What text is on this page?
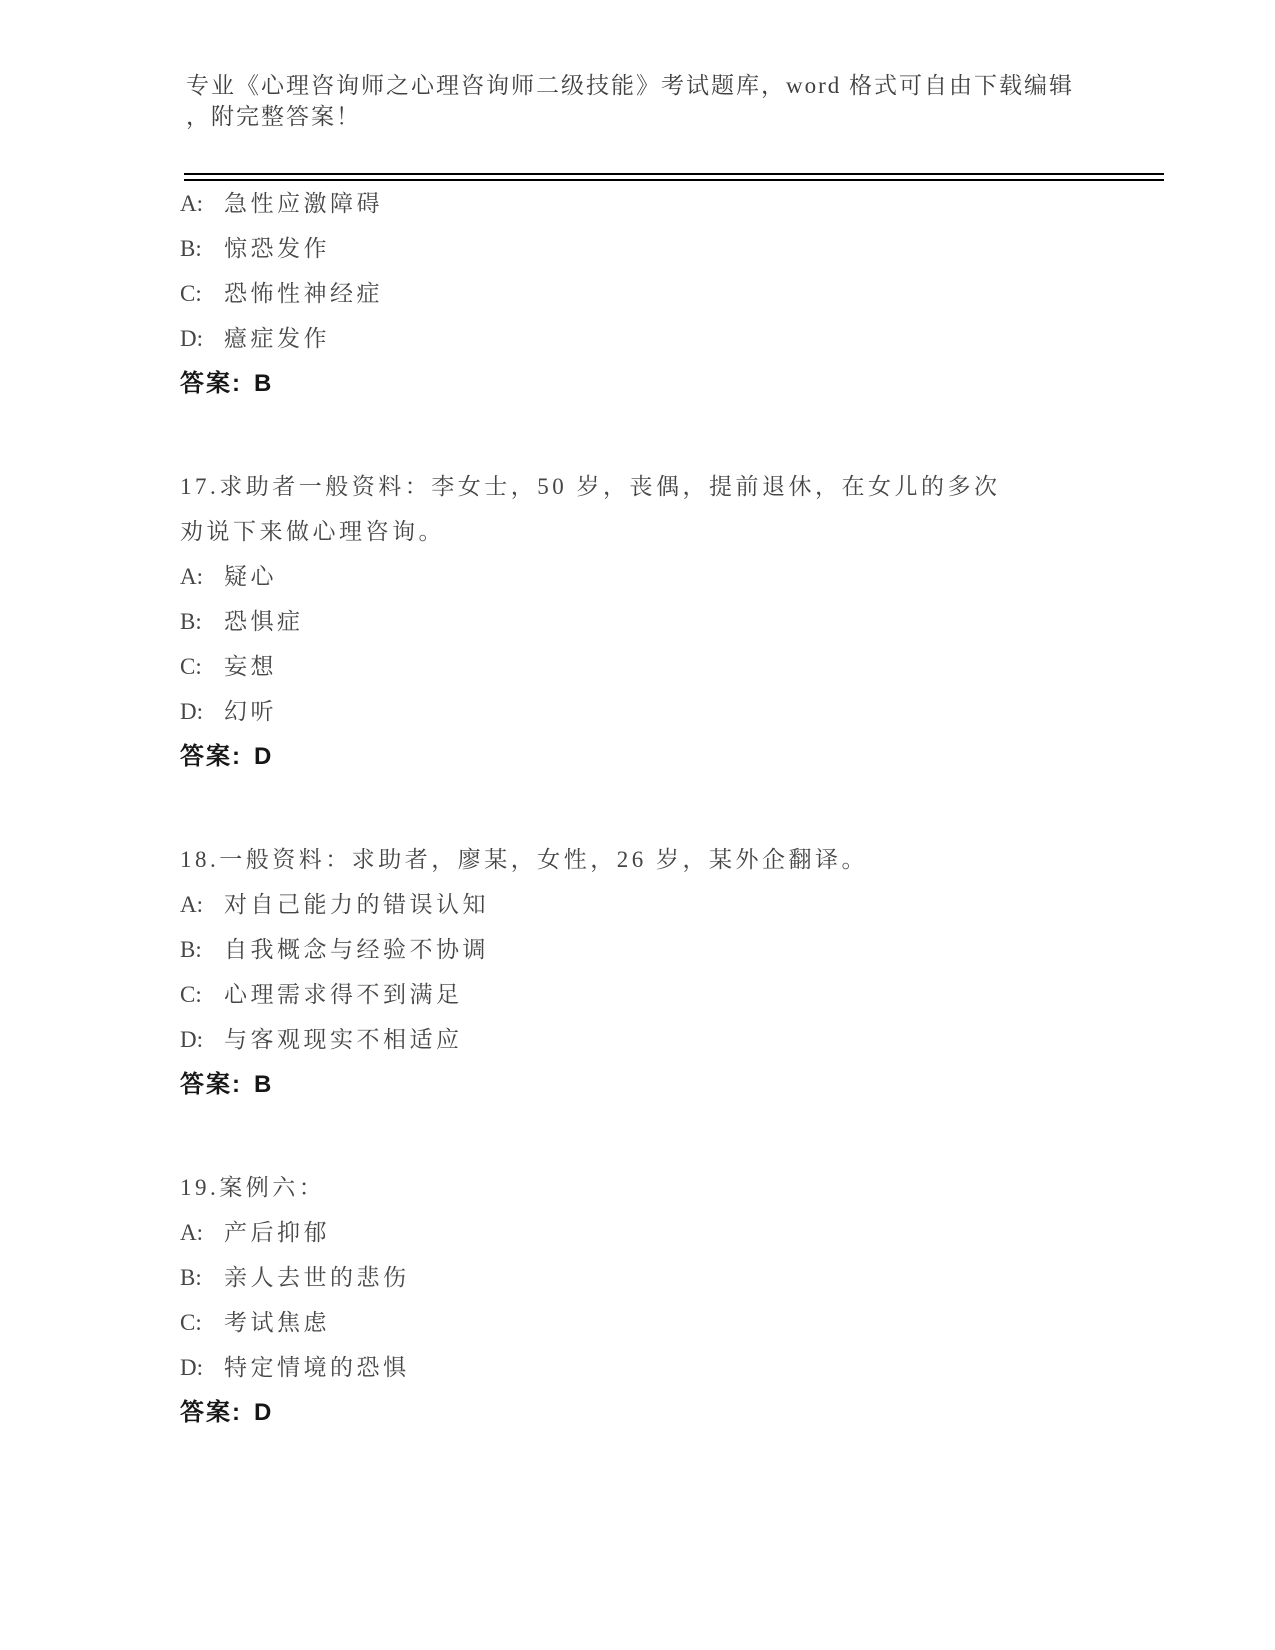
专业《心理咨询师之心理咨询师二级技能》考试题库，word 格式可自由下载编辑
，附完整答案！

A: 急性应激障碍

B: 惊恐发作

C: 恐怖性神经症

D: 癔症发作

答案: B

17.求助者一般资料：李女士，50 岁，丧偶，提前退休，在女儿的多次

劝说下来做心理咨询。

A: 疑心

B: 恐惧症

C: 妄想

D: 幻听

答案: D

18.一般资料：求助者，廖某，女性，26 岁，某外企翻译。

A: 对自己能力的错误认知

B: 自我概念与经验不协调

C: 心理需求得不到满足

D: 与客观现实不相适应

答案: B

19.案例六：

A: 产后抑郁

B: 亲人去世的悲伤

C: 考试焦虑

D: 特定情境的恐惧

答案: D
